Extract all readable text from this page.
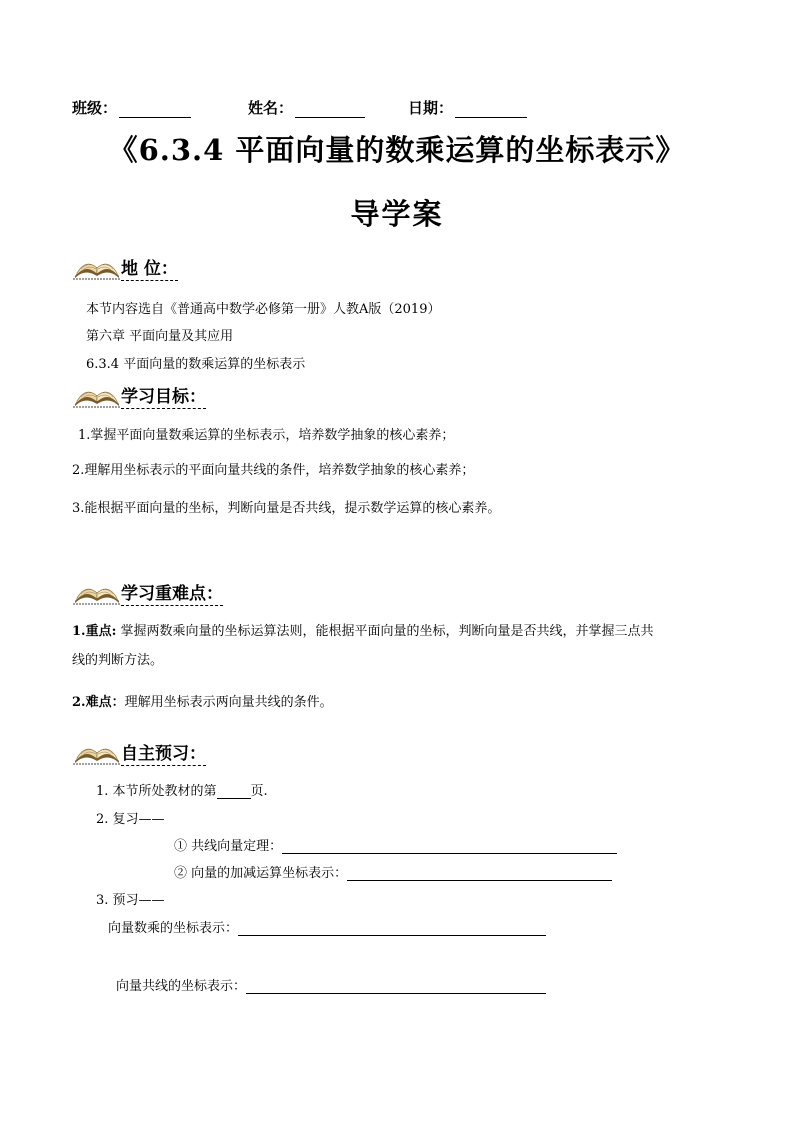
班级：	姓名：	日期：
《6.3.4 平面向量的数乘运算的坐标表示》
导学案
地 位：
本节内容选自《普通高中数学必修第一册》人教A版（2019）
第六章 平面向量及其应用
6.3.4 平面向量的数乘运算的坐标表示
学习目标：
1.掌握平面向量数乘运算的坐标表示，培养数学抽象的核心素养；
2.理解用坐标表示的平面向量共线的条件，培养数学抽象的核心素养；
3.能根据平面向量的坐标，判断向量是否共线，提示数学运算的核心素养。
学习重难点：
1.重点: 掌握两数乘向量的坐标运算法则，能根据平面向量的坐标，判断向量是否共线，并掌握三点共
线的判断方法。
2.难点：理解用坐标表示两向量共线的条件。
自主预习：
1. 本节所处教材的第	页.
2. 复习——
① 共线向量定理：
② 向量的加减运算坐标表示：
3. 预习——
向量数乘的坐标表示：
向量共线的坐标表示：
